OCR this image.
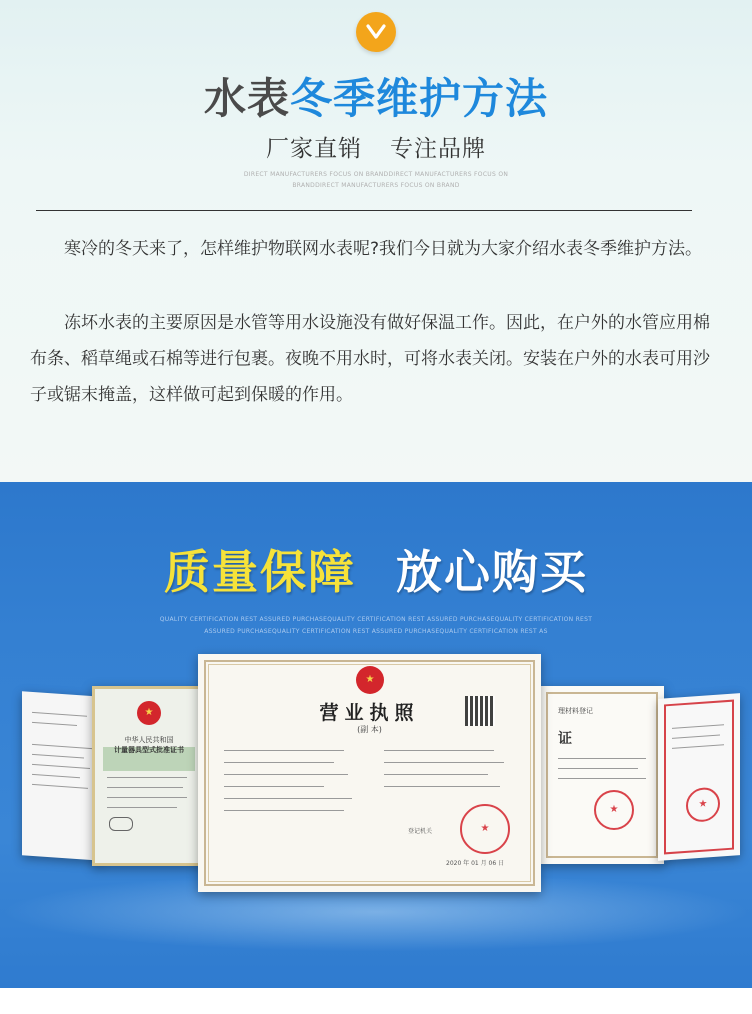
水表冬季维护方法
厂家直销 专注品牌
DIRECT MANUFACTURERS FOCUS ON BRANDDIRECT MANUFACTURERS FOCUS ON
BRANDDIRECT MANUFACTURERS FOCUS ON BRAND

寒冷的冬天来了，怎样维护物联网水表呢?我们今日就为大家介绍水表冬季维护方法。

冻坏水表的主要原因是水管等用水设施没有做好保温工作。因此，在户外的水管应用棉布条、稻草绳或石棉等进行包裹。夜晚不用水时，可将水表关闭。安装在户外的水表可用沙子或锯末掩盖，这样做可起到保暖的作用。

质量保障 放心购买
QUALITY CERTIFICATION REST ASSURED PURCHASEQUALITY CERTIFICATION REST ASSURED PURCHASEQUALITY CERTIFICATION REST
ASSURED PURCHASEQUALITY CERTIFICATION REST ASSURED PURCHASEQUALITY CERTIFICATION REST AS
★
中华人民共和国
计量器具型式批准证书
理材料登记
证
★
★
★
营业执照
(副 本)
登记机关
★
2020 年 01 月 06 日
